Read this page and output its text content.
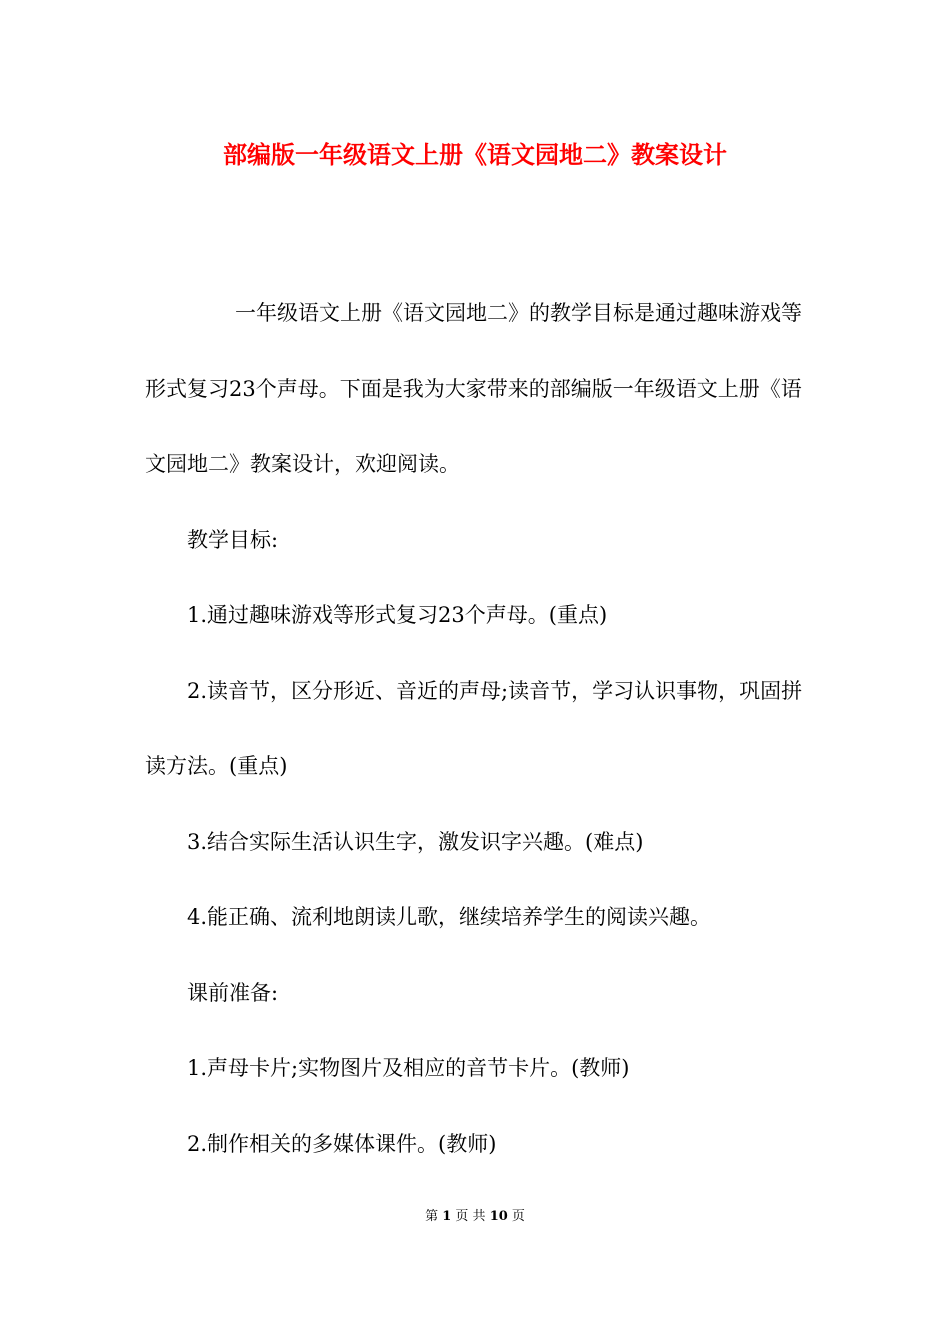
部编版一年级语文上册《语文园地二》教案设计

一年级语文上册《语文园地二》的教学目标是通过趣味游戏等形式复习23个声母。下面是我为大家带来的部编版一年级语文上册《语文园地二》教案设计，欢迎阅读。

教学目标:

1.通过趣味游戏等形式复习23个声母。(重点)

2.读音节，区分形近、音近的声母;读音节，学习认识事物，巩固拼读方法。(重点)

3.结合实际生活认识生字，激发识字兴趣。(难点)

4.能正确、流利地朗读儿歌，继续培养学生的阅读兴趣。

课前准备:

1.声母卡片;实物图片及相应的音节卡片。(教师)

2.制作相关的多媒体课件。(教师)

第 1 页 共 10 页
